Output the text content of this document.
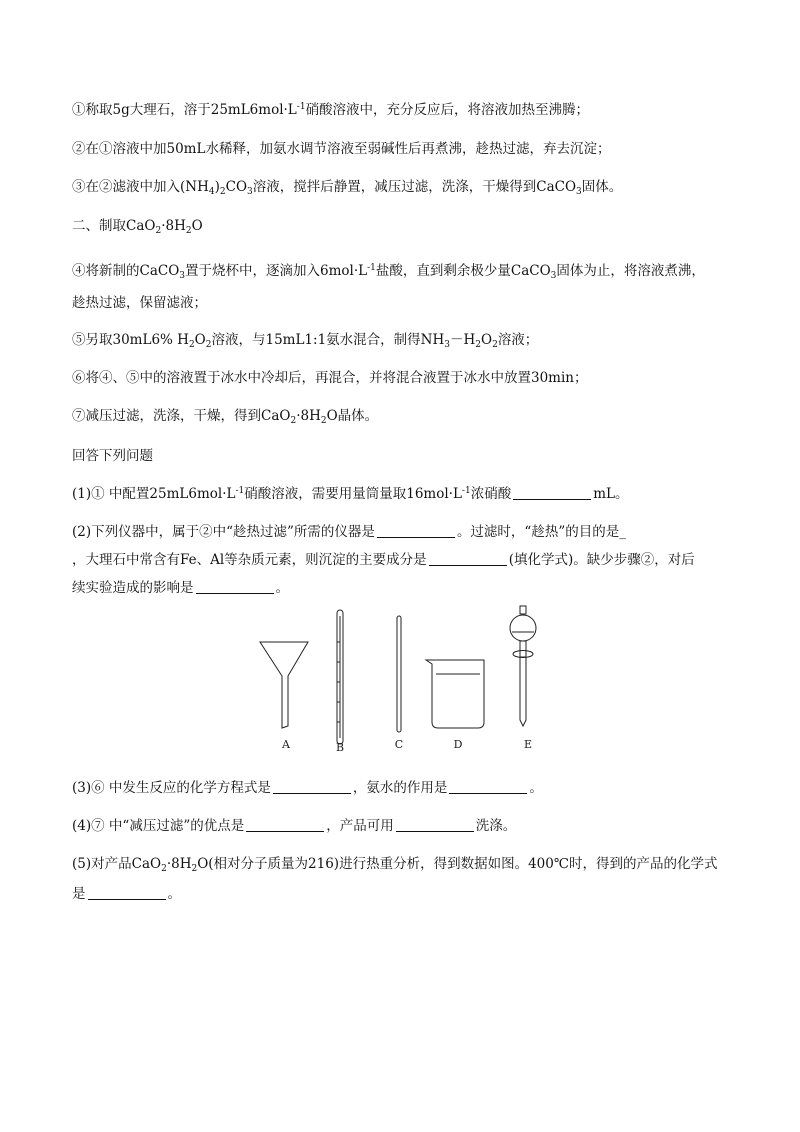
①称取5g大理石，溶于$25mL6mol\cdot L^{-1}$硝酸溶液中，充分反应后，将溶液加热至沸腾；
②在①溶液中加50mL水稀释，加氨水调节溶液至弱碱性后再煮沸，趁热过滤，弃去沉淀；
③在②滤液中加入$(NH_4)_2CO_3$溶液，搅拌后静置，减压过滤，洗涤，干燥得到CaCO$_3$固体。
二、制取$CaO_2\cdot 8H_2O$
④将新制的CaCO$_3$置于烧杯中，逐滴加入$6mol\cdot L^{-1}$盐酸，直到剩余极少量CaCO$_3$固体为止，将溶液煮沸，
趁热过滤，保留滤液；
⑤另取30mL6% $H_2O_2$溶液，与15mL1:1氨水混合，制得$NH_3-H_2O_2$溶液；
⑥将④、⑤中的溶液置于冰水中冷却后，再混合，并将混合液置于冰水中放置30min；
⑦减压过滤，洗涤，干燥，得到$CaO_2\cdot 8H_2O$晶体。
回答下列问题
(1)① 中配置$25mL6mol\cdot L^{-1}$硝酸溶液，需要用量筒量取$16mol\cdot L^{-1}$浓硝酸	mL。
(2)下列仪器中，属于②中“趁热过滤”所需的仪器是	。过滤时，“趁热”的目的是_
，大理石中常含有Fe、Al等杂质元素，则沉淀的主要成分是	(填化学式)。缺少步骤②，对后
续实验造成的影响是	。
A	B	C	D	E
(3)⑥ 中发生反应的化学方程式是	，氨水的作用是	。
(4)⑦ 中“减压过滤”的优点是	，产品可用	洗涤。
(5)对产品$CaO_2\cdot 8H_2O$(相对分子质量为216)进行热重分析，得到数据如图。400℃时，得到的产品的化学式
是	。
